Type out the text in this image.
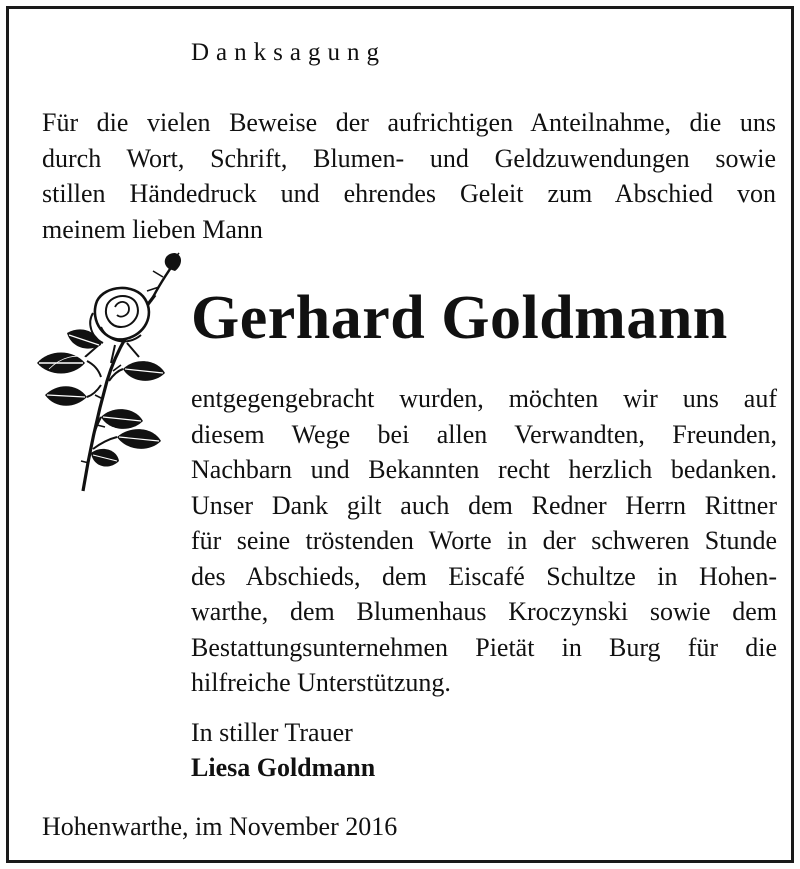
Danksagung
Für die vielen Beweise der aufrichtigen Anteilnahme, die uns
durch Wort, Schrift, Blumen- und Geldzuwendungen sowie
stillen Händedruck und ehrendes Geleit zum Abschied von
meinem lieben Mann
Gerhard Goldmann
entgegengebracht wurden, möchten wir uns auf
diesem Wege bei allen Verwandten, Freunden,
Nachbarn und Bekannten recht herzlich bedanken.
Unser Dank gilt auch dem Redner Herrn Rittner
für seine tröstenden Worte in der schweren Stunde
des Abschieds, dem Eiscafé Schultze in Hohen-
warthe, dem Blumenhaus Kroczynski sowie dem
Bestattungsunternehmen Pietät in Burg für die
hilfreiche Unterstützung.
In stiller Trauer
Liesa Goldmann
Hohenwarthe, im November 2016
